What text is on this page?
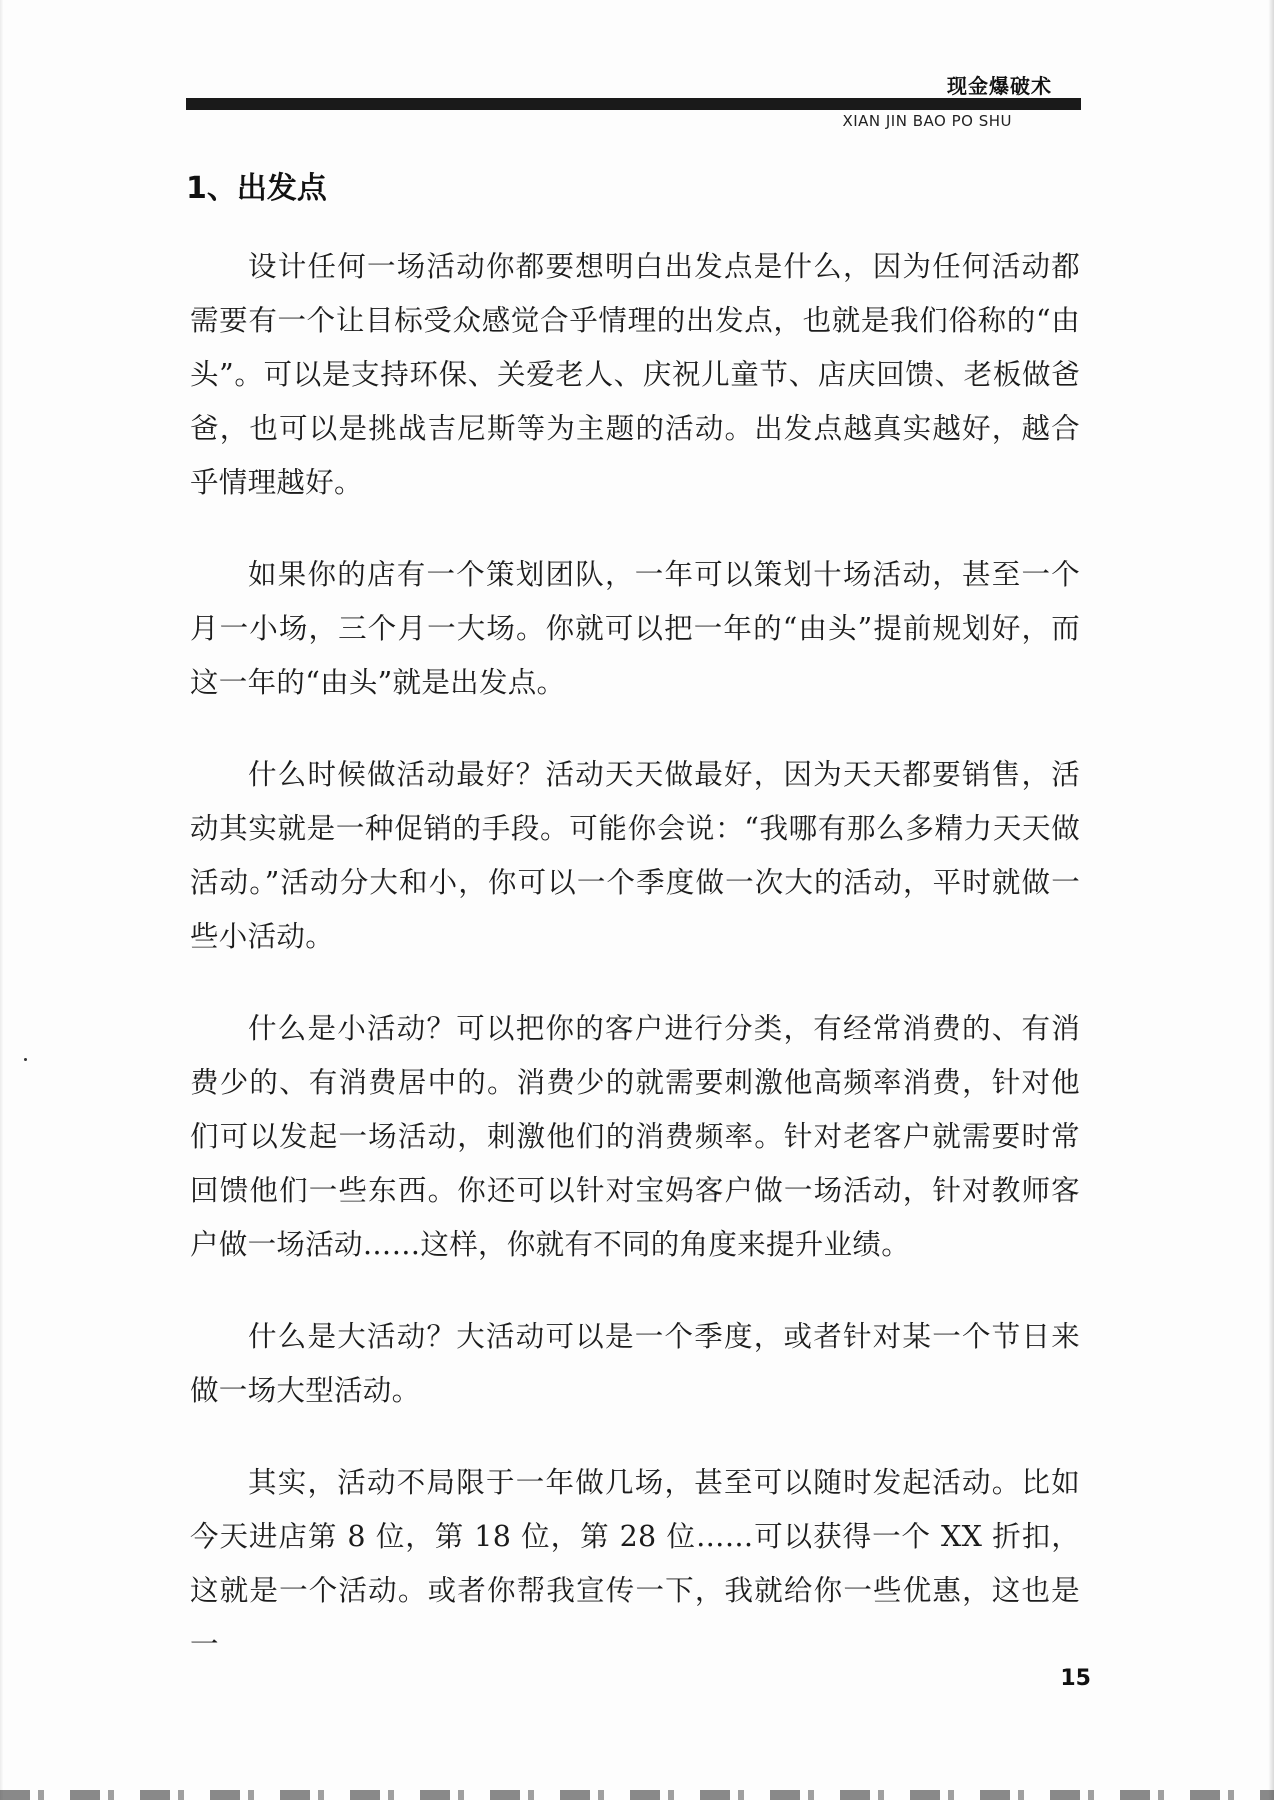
现金爆破术
XIAN JIN BAO PO SHU
1、出发点

设计任何一场活动你都要想明白出发点是什么，因为任何活动都需要有一个让目标受众感觉合乎情理的出发点，也就是我们俗称的“由头”。可以是支持环保、关爱老人、庆祝儿童节、店庆回馈、老板做爸爸，也可以是挑战吉尼斯等为主题的活动。出发点越真实越好，越合乎情理越好。

如果你的店有一个策划团队，一年可以策划十场活动，甚至一个月一小场，三个月一大场。你就可以把一年的“由头”提前规划好，而这一年的“由头”就是出发点。

什么时候做活动最好？活动天天做最好，因为天天都要销售，活动其实就是一种促销的手段。可能你会说：“我哪有那么多精力天天做活动。”活动分大和小，你可以一个季度做一次大的活动，平时就做一些小活动。

什么是小活动？可以把你的客户进行分类，有经常消费的、有消费少的、有消费居中的。消费少的就需要刺激他高频率消费，针对他们可以发起一场活动，刺激他们的消费频率。针对老客户就需要时常回馈他们一些东西。你还可以针对宝妈客户做一场活动，针对教师客户做一场活动……这样，你就有不同的角度来提升业绩。

什么是大活动？大活动可以是一个季度，或者针对某一个节日来做一场大型活动。

其实，活动不局限于一年做几场，甚至可以随时发起活动。比如今天进店第 8 位，第 18 位，第 28 位……可以获得一个 XX 折扣，这就是一个活动。或者你帮我宣传一下，我就给你一些优惠，这也是一

15
